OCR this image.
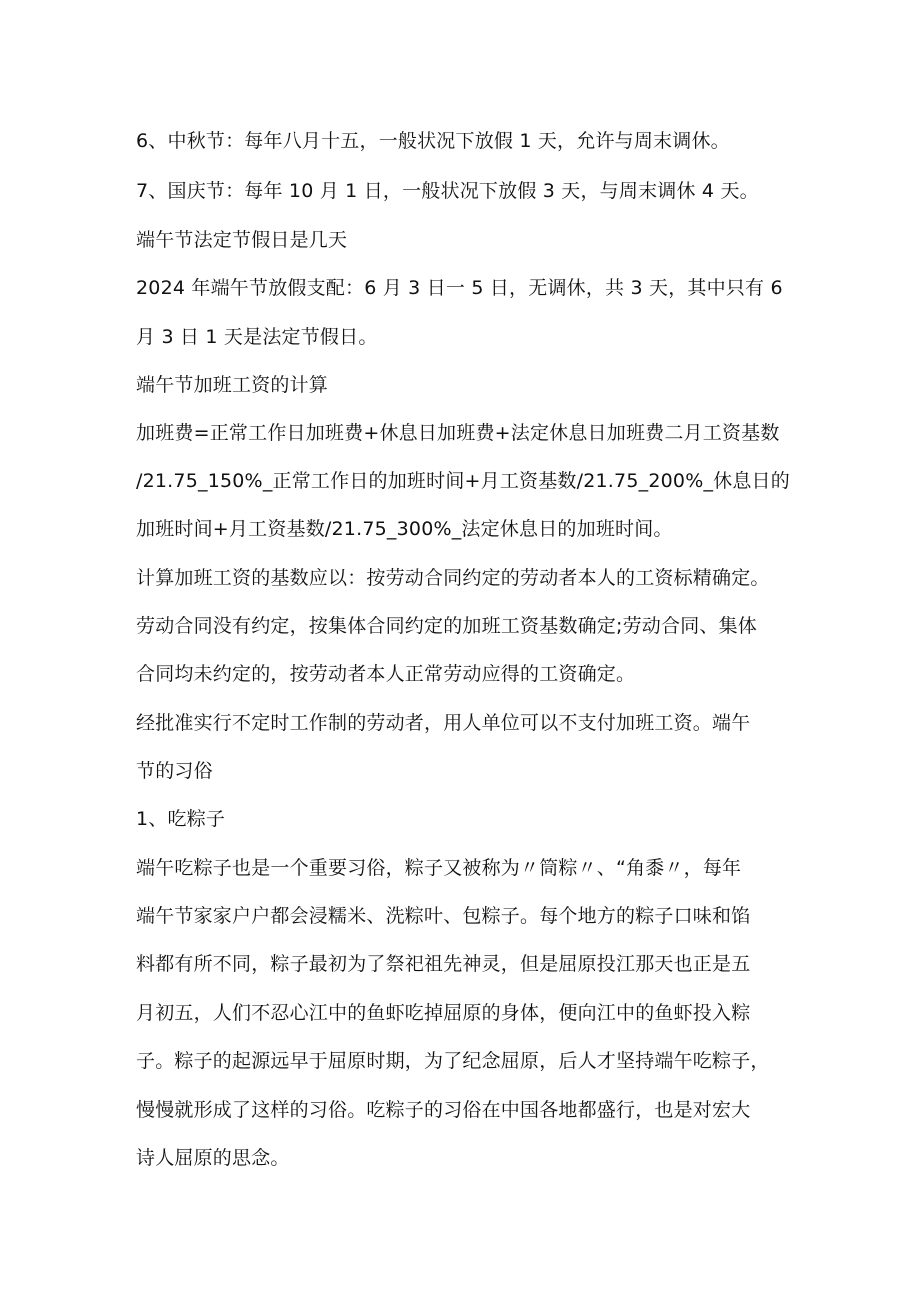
6、中秋节：每年八月十五，一般状况下放假 1 天，允许与周末调休。
7、国庆节：每年 10 月 1 日，一般状况下放假 3 天，与周末调休 4 天。
端午节法定节假日是几天
2024 年端午节放假支配：6 月 3 日一 5 日，无调休，共 3 天，其中只有 6
月 3 日 1 天是法定节假日。
端午节加班工资的计算
加班费=正常工作日加班费+休息日加班费+法定休息日加班费二月工资基数
/21.75_150%_正常工作日的加班时间+月工资基数/21.75_200%_休息日的
加班时间+月工资基数/21.75_300%_法定休息日的加班时间。
计算加班工资的基数应以：按劳动合同约定的劳动者本人的工资标精确定。
劳动合同没有约定，按集体合同约定的加班工资基数确定;劳动合同、集体
合同均未约定的，按劳动者本人正常劳动应得的工资确定。
经批准实行不定时工作制的劳动者，用人单位可以不支付加班工资。端午
节的习俗
1、吃粽子
端午吃粽子也是一个重要习俗，粽子又被称为〃筒粽〃、“角黍〃，每年
端午节家家户户都会浸糯米、洗粽叶、包粽子。每个地方的粽子口味和馅
料都有所不同，粽子最初为了祭祀祖先神灵，但是屈原投江那天也正是五
月初五，人们不忍心江中的鱼虾吃掉屈原的身体，便向江中的鱼虾投入粽
子。粽子的起源远早于屈原时期，为了纪念屈原，后人才坚持端午吃粽子，
慢慢就形成了这样的习俗。吃粽子的习俗在中国各地都盛行，也是对宏大
诗人屈原的思念。
